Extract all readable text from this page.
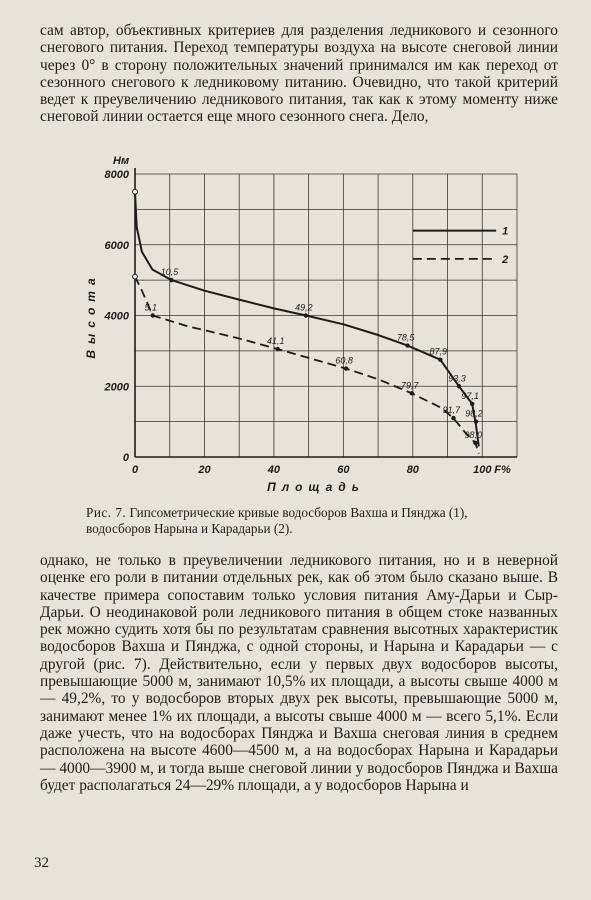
сам автор, объективных критериев для разделения ледникового и сезонного снегового питания. Переход температуры воздуха на высоте снеговой линии через 0° в сторону положительных значений принимался им как переход от сезонного снегового к ледниковому питанию. Очевидно, что такой критерий ведет к преувеличению ледникового питания, так как к этому моменту ниже снеговой линии остается еще много сезонного снега. Дело,

0
2000
4000
6000
8000
Нм
0	20	40	60	80	100 F%
Площадь
Высота
10,5
49,2
78,5
87,9
93,3
97,1
98,2
5,1
41,1
60,8
79,7
91,7
98,0
1
2

Рис. 7. Гипсометрические кривые водосборов Вахша и Пянджа (1), водосборов Нарына и Карадарьи (2).

однако, не только в преувеличении ледникового питания, но и в неверной оценке его роли в питании отдельных рек, как об этом было сказано выше. В качестве примера сопоставим только условия питания Аму-Дарьи и Сыр-Дарьи. О неодинаковой роли ледникового питания в общем стоке названных рек можно судить хотя бы по результатам сравнения высотных характеристик водосборов Вахша и Пянджа, с одной стороны, и Нарына и Карадарьи — с другой (рис. 7). Действительно, если у первых двух водосборов высоты, превышающие 5000 м, занимают 10,5% их площади, а высоты свыше 4000 м — 49,2%, то у водосборов вторых двух рек высоты, превышающие 5000 м, занимают менее 1% их площади, а высоты свыше 4000 м — всего 5,1%. Если даже учесть, что на водосборах Пянджа и Вахша снеговая линия в среднем расположена на высоте 4600—4500 м, а на водосборах Нарына и Карадарьи — 4000—3900 м, и тогда выше снеговой линии у водосборов Пянджа и Вахша будет располагаться 24—29% площади, а у водосборов Нарына и

32
